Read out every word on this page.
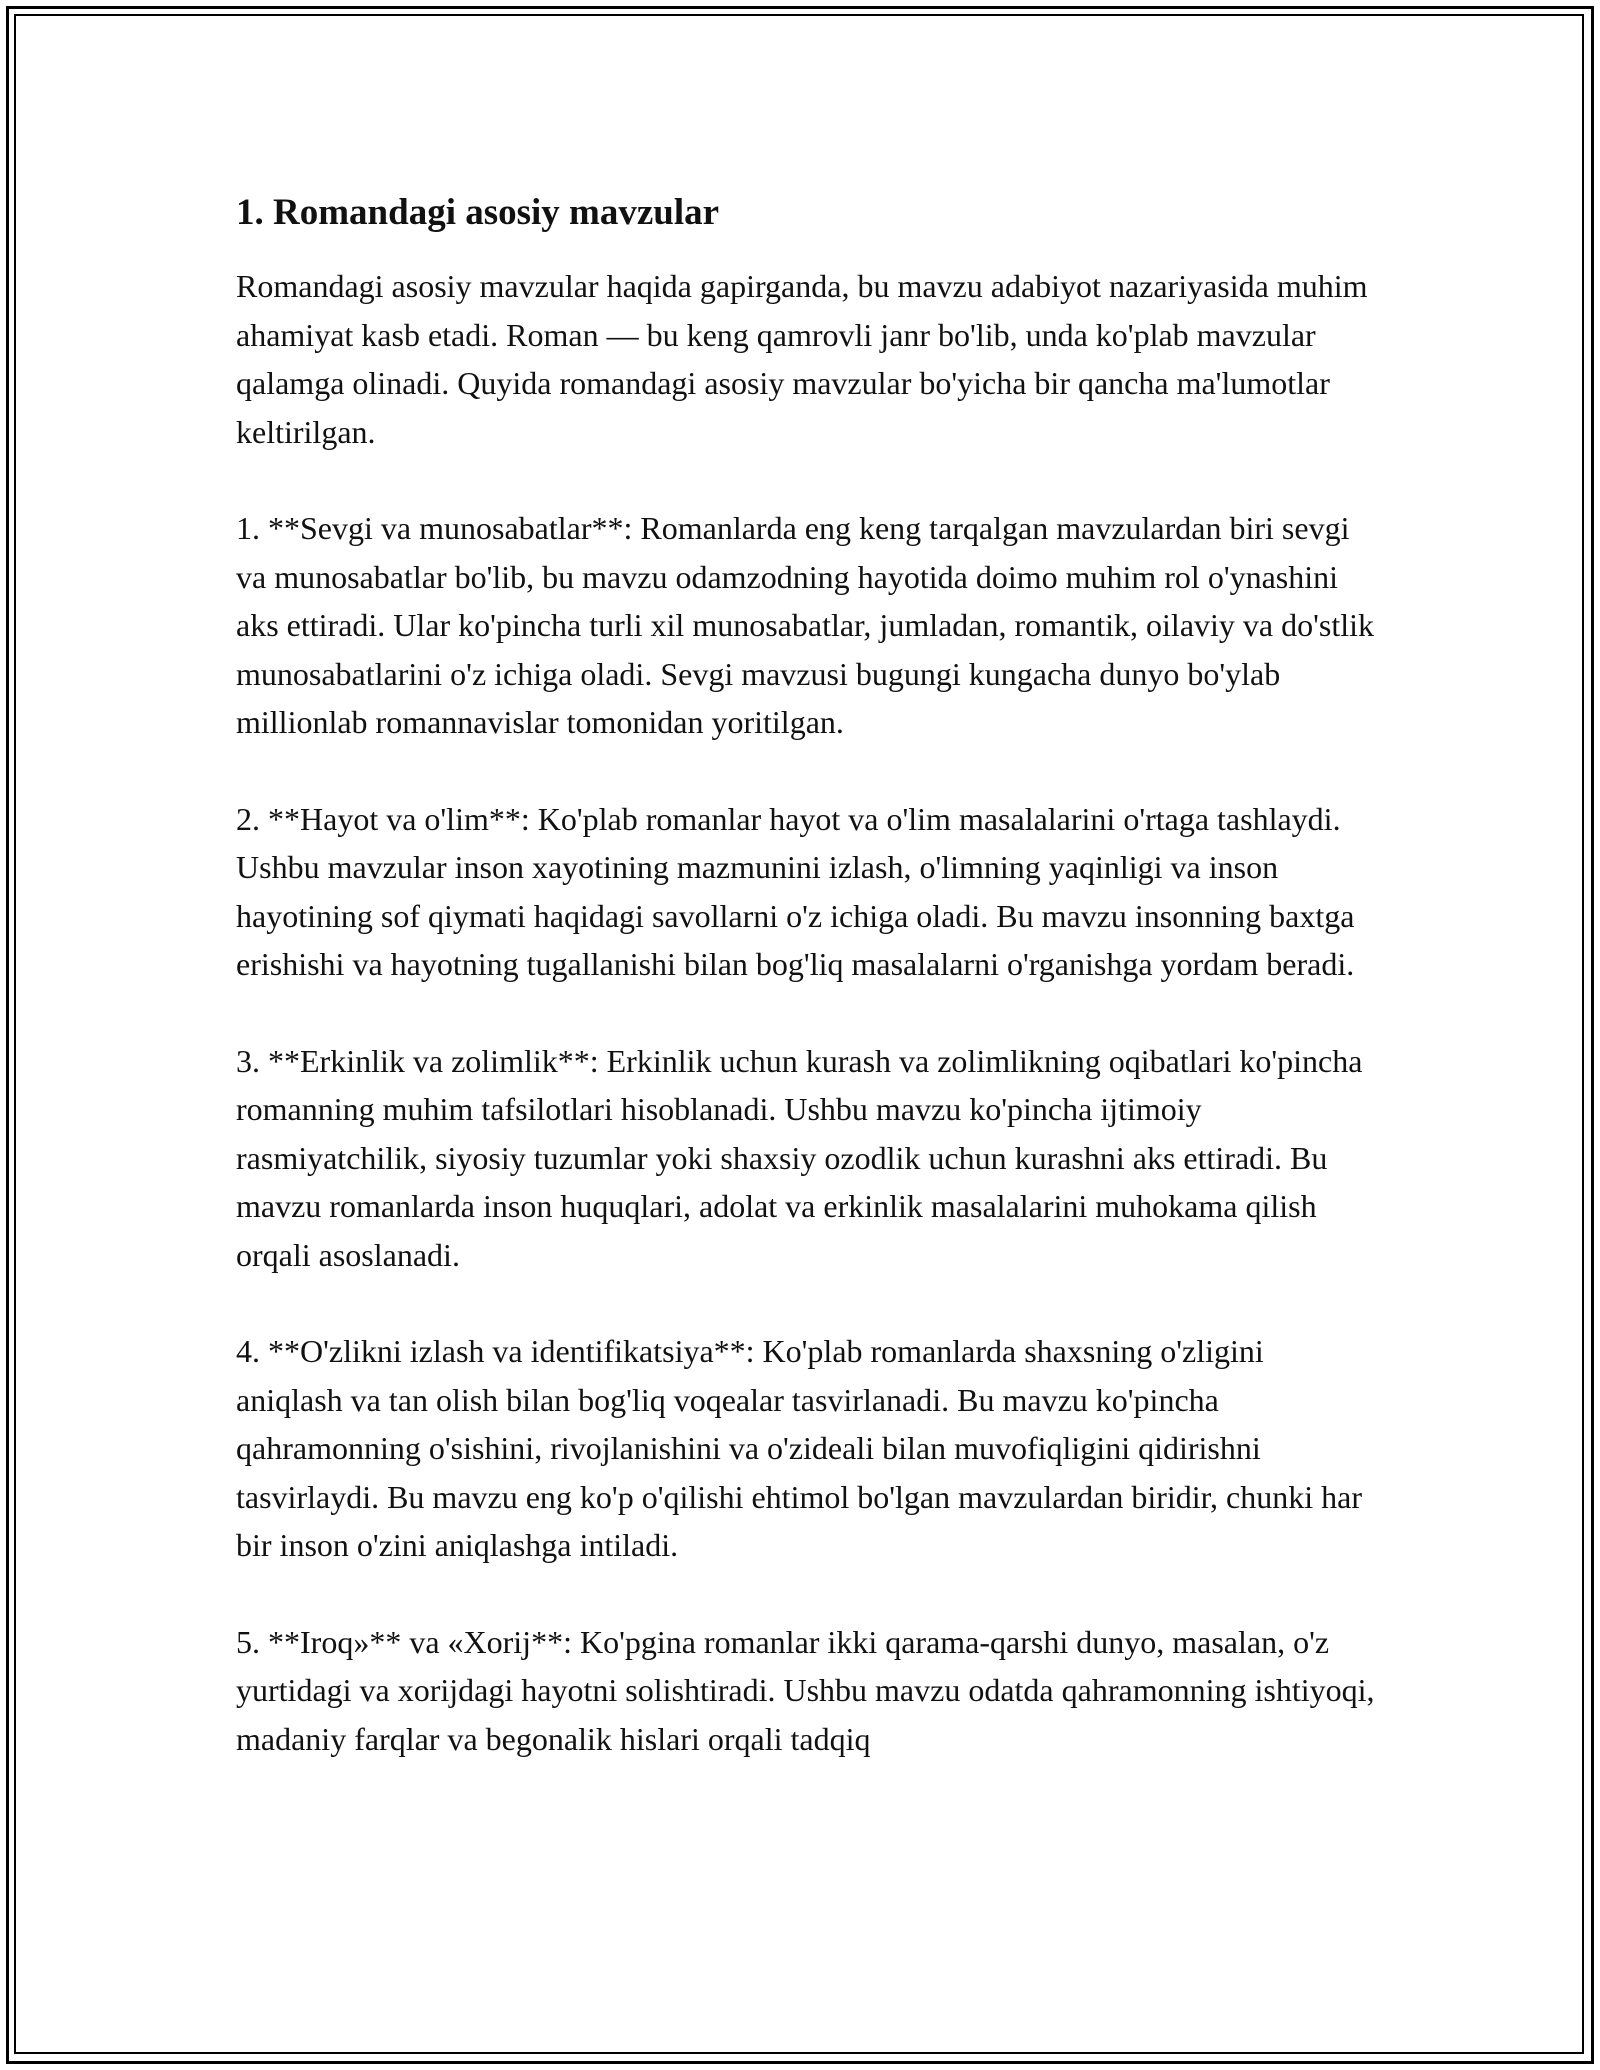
1. Romandagi asosiy mavzular

Romandagi asosiy mavzular haqida gapirganda, bu mavzu adabiyot nazariyasida muhim ahamiyat kasb etadi. Roman — bu keng qamrovli janr bo'lib, unda ko'plab mavzular qalamga olinadi. Quyida romandagi asosiy mavzular bo'yicha bir qancha ma'lumotlar keltirilgan.

1. **Sevgi va munosabatlar**: Romanlarda eng keng tarqalgan mavzulardan biri sevgi va munosabatlar bo'lib, bu mavzu odamzodning hayotida doimo muhim rol o'ynashini aks ettiradi. Ular ko'pincha turli xil munosabatlar, jumladan, romantik, oilaviy va do'stlik munosabatlarini o'z ichiga oladi. Sevgi mavzusi bugungi kungacha dunyo bo'ylab millionlab romannavislar tomonidan yoritilgan.

2. **Hayot va o'lim**: Ko'plab romanlar hayot va o'lim masalalarini o'rtaga tashlaydi. Ushbu mavzular inson xayotining mazmunini izlash, o'limning yaqinligi va inson hayotining sof qiymati haqidagi savollarni o'z ichiga oladi. Bu mavzu insonning baxtga erishishi va hayotning tugallanishi bilan bog'liq masalalarni o'rganishga yordam beradi.

3. **Erkinlik va zolimlik**: Erkinlik uchun kurash va zolimlikning oqibatlari ko'pincha romanning muhim tafsilotlari hisoblanadi. Ushbu mavzu ko'pincha ijtimoiy rasmiyatchilik, siyosiy tuzumlar yoki shaxsiy ozodlik uchun kurashni aks ettiradi. Bu mavzu romanlarda inson huquqlari, adolat va erkinlik masalalarini muhokama qilish orqali asoslanadi.

4. **O'zlikni izlash va identifikatsiya**: Ko'plab romanlarda shaxsning o'zligini aniqlash va tan olish bilan bog'liq voqealar tasvirlanadi. Bu mavzu ko'pincha qahramonning o'sishini, rivojlanishini va o'zideali bilan muvofiqligini qidirishni tasvirlaydi. Bu mavzu eng ko'p o'qilishi ehtimol bo'lgan mavzulardan biridir, chunki har bir inson o'zini aniqlashga intiladi.

5. **Iroq»** va «Xorij**: Ko'pgina romanlar ikki qarama-qarshi dunyo, masalan, o'z yurtidagi va xorijdagi hayotni solishtiradi. Ushbu mavzu odatda qahramonning ishtiyoqi, madaniy farqlar va begonalik hislari orqali tadqiq
